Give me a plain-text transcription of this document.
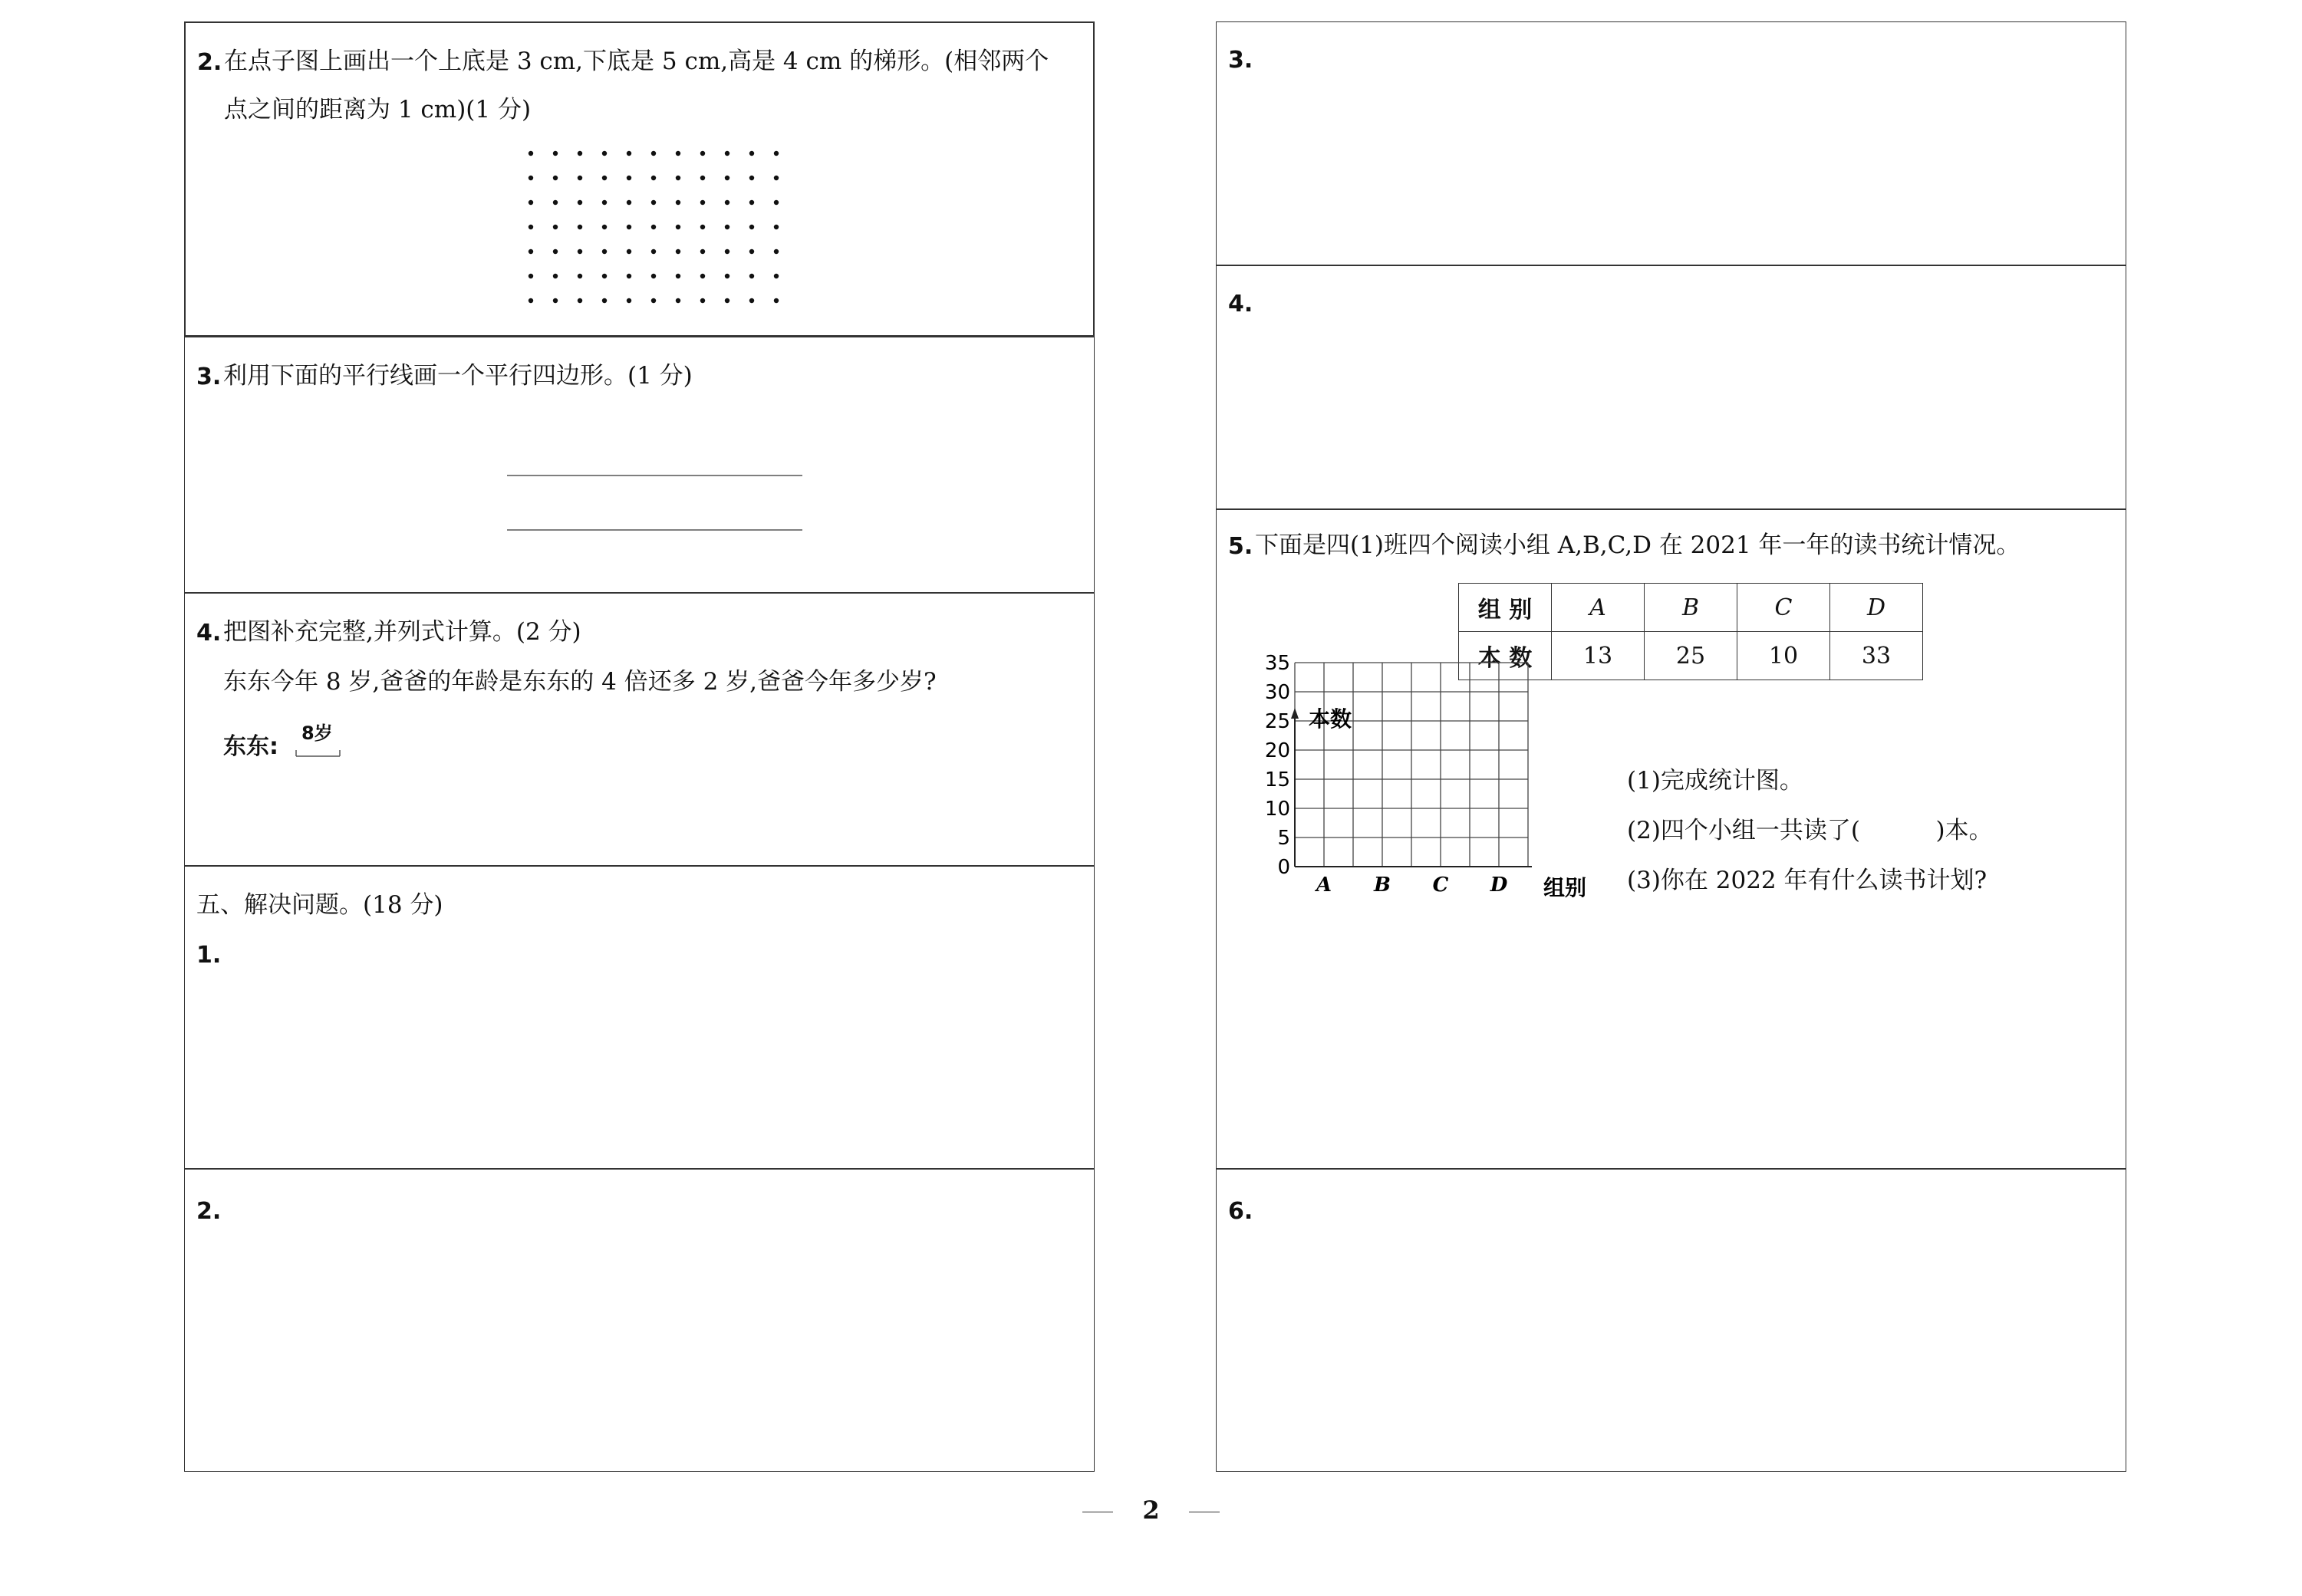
2. 在点子图上画出一个上底是 3 cm,下底是 5 cm,高是 4 cm 的梯形。(相邻两个
点之间的距离为 1 cm)(1 分)
3. 利用下面的平行线画一个平行四边形。(1 分)
4. 把图补充完整,并列式计算。(2 分)
东东今年 8 岁,爸爸的年龄是东东的 4 倍还多 2 岁,爸爸今年多少岁?
东东: 8岁
五、解决问题。(18 分)
1.
2.
3.
4.
5. 下面是四(1)班四个阅读小组 A,B,C,D 在 2021 年一年的读书统计情况。
组 别	A	B	C	D
本 数	13	25	10	33
0
5
10
15
20
25
30
35
A B C D
本数
组别
(1)完成统计图。
(2)四个小组一共读了(          )本。
(3)你在 2022 年有什么读书计划?
6.
2
